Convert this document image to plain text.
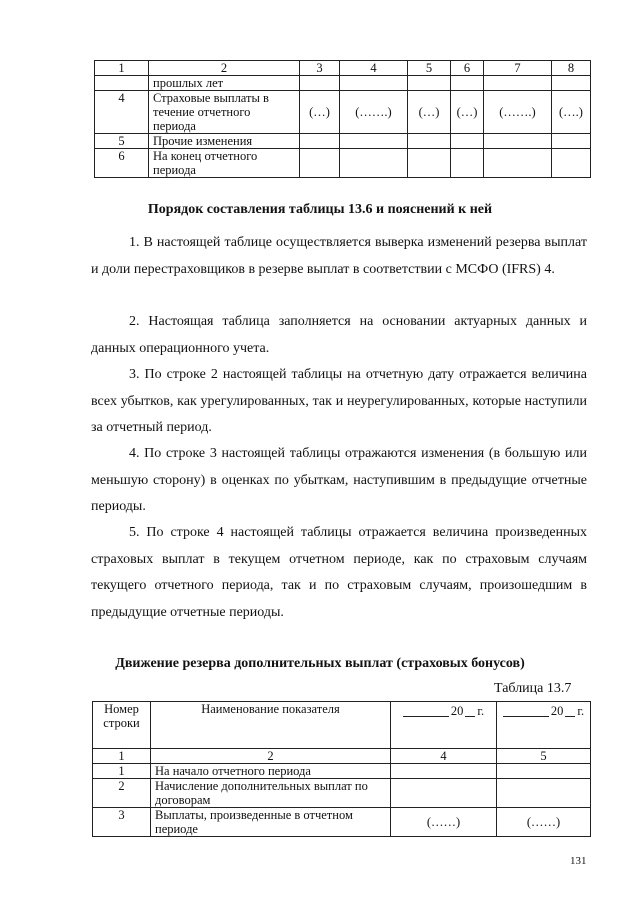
1	2	3	4	5	6	7	8
	прошлых лет						
4	Страховые выплаты в течение отчетного периода	(…)	(…….)	(…)	(…)	(…….)	(….)
5	Прочие изменения						
6	На конец отчетного периода						
Порядок составления таблицы 13.6 и пояснений к ней

1. В настоящей таблице осуществляется выверка изменений резерва выплат и доли перестраховщиков в резерве выплат в соответствии с МСФО (IFRS) 4.

2. Настоящая таблица заполняется на основании актуарных данных и данных операционного учета.

3. По строке 2 настоящей таблицы на отчетную дату отражается величина всех убытков, как урегулированных, так и неурегулированных, которые наступили за отчетный период.

4. По строке 3 настоящей таблицы отражаются изменения (в большую или меньшую сторону) в оценках по убыткам, наступившим в предыдущие отчетные периоды.

5. По строке 4 настоящей таблицы отражается величина произведенных страховых выплат в текущем отчетном периоде, как по страховым случаям текущего отчетного периода, так и по страховым случаям, произошедшим в предыдущие отчетные периоды.

Движение резерва дополнительных выплат (страховых бонусов)
Таблица 13.7
Номер строки	Наименование показателя	20 г.	20 г.

1	2	4	5
1	На начало отчетного периода		
2	Начисление дополнительных выплат по договорам		
3	Выплаты, произведенные в отчетном периоде	(……)	(……)
131
